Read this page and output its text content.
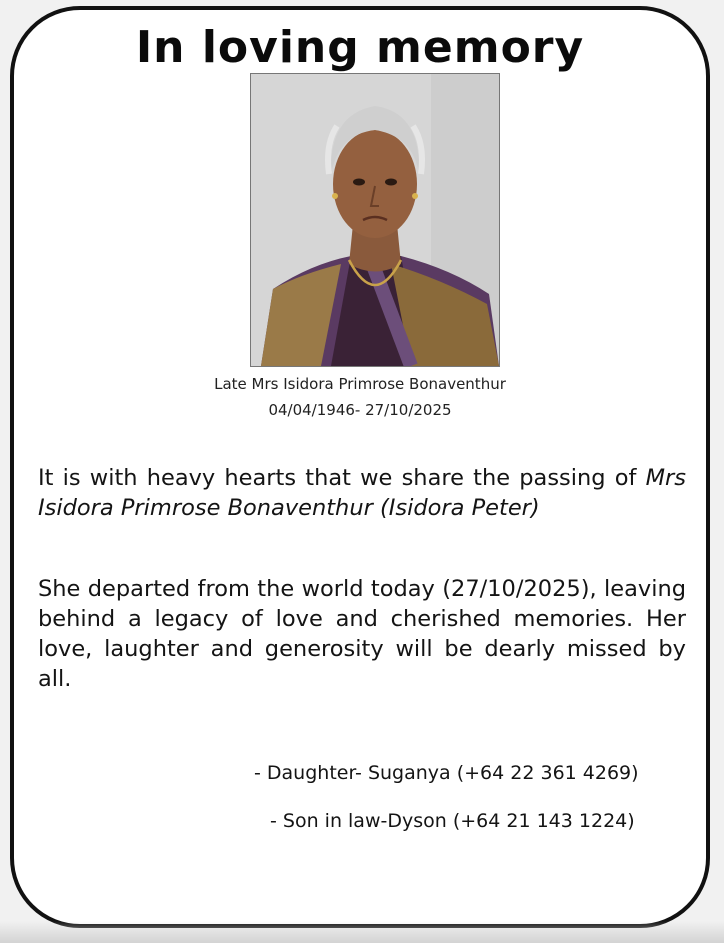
In loving memory
Late Mrs Isidora Primrose Bonaventhur
04/04/1946- 27/10/2025

It is with heavy hearts that we share the passing of Mrs Isidora Primrose Bonaventhur (Isidora Peter)

She departed from the world today (27/10/2025), leaving behind a legacy of love and cherished memories. Her love, laughter and generosity will be dearly missed by all.

- Daughter- Suganya (+64 22 361 4269)
- Son in law-Dyson (+64 21 143 1224)
